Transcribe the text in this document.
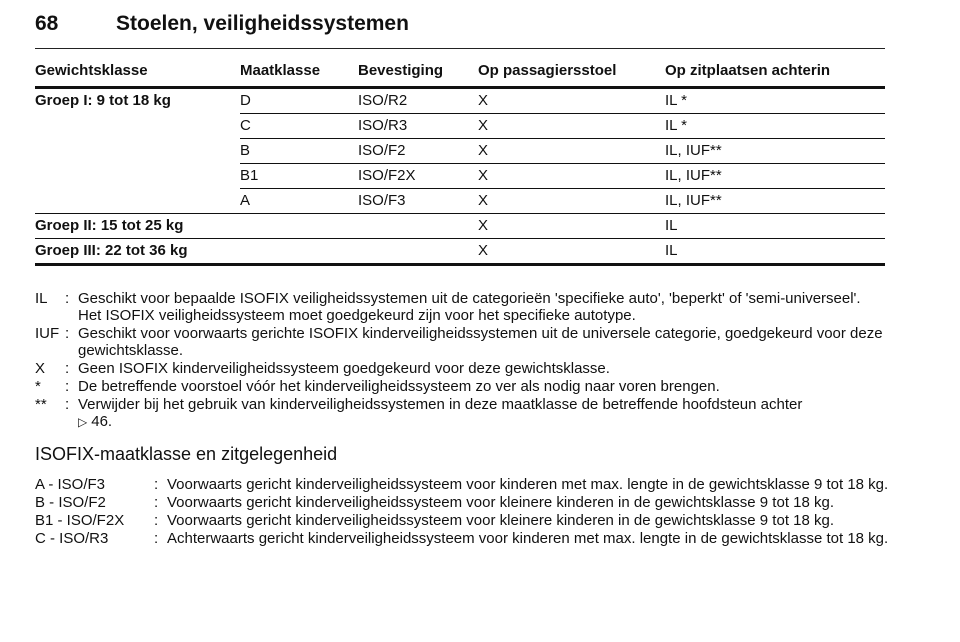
68	Stoelen, veiligheidssystemen
Gewichtsklasse	Maatklasse	Bevestiging	Op passagiersstoel	Op zitplaatsen achterin
Groep I: 9 tot 18 kg	D	ISO/R2	X	IL *
	C	ISO/R3	X	IL *
	B	ISO/F2	X	IL, IUF**
	B1	ISO/F2X	X	IL, IUF**
	A	ISO/F3	X	IL, IUF**
Groep II: 15 tot 25 kg			X	IL
Groep III: 22 tot 36 kg			X	IL
IL	: Geschikt voor bepaalde ISOFIX veiligheidssystemen uit de categorieën 'specifieke auto', 'beperkt' of 'semi-universeel'. Het ISOFIX veiligheidssysteem moet goedgekeurd zijn voor het specifieke autotype.
IUF : Geschikt voor voorwaarts gerichte ISOFIX kinderveiligheidssystemen uit de universele categorie, goedgekeurd voor deze gewichtsklasse.
X	: Geen ISOFIX kinderveiligheidssysteem goedgekeurd voor deze gewichtsklasse.
*	: De betreffende voorstoel vóór het kinderveiligheidssysteem zo ver als nodig naar voren brengen.
**	: Verwijder bij het gebruik van kinderveiligheidssystemen in deze maatklasse de betreffende hoofdsteun achter
▷ 46.
ISOFIX-maatklasse en zitgelegenheid
A - ISO/F3	: Voorwaarts gericht kinderveiligheidssysteem voor kinderen met max. lengte in de gewichtsklasse 9 tot 18 kg.
B - ISO/F2	: Voorwaarts gericht kinderveiligheidssysteem voor kleinere kinderen in de gewichtsklasse 9 tot 18 kg.
B1 - ISO/F2X	: Voorwaarts gericht kinderveiligheidssysteem voor kleinere kinderen in de gewichtsklasse 9 tot 18 kg.
C - ISO/R3	: Achterwaarts gericht kinderveiligheidssysteem voor kinderen met max. lengte in de gewichtsklasse tot 18 kg.
